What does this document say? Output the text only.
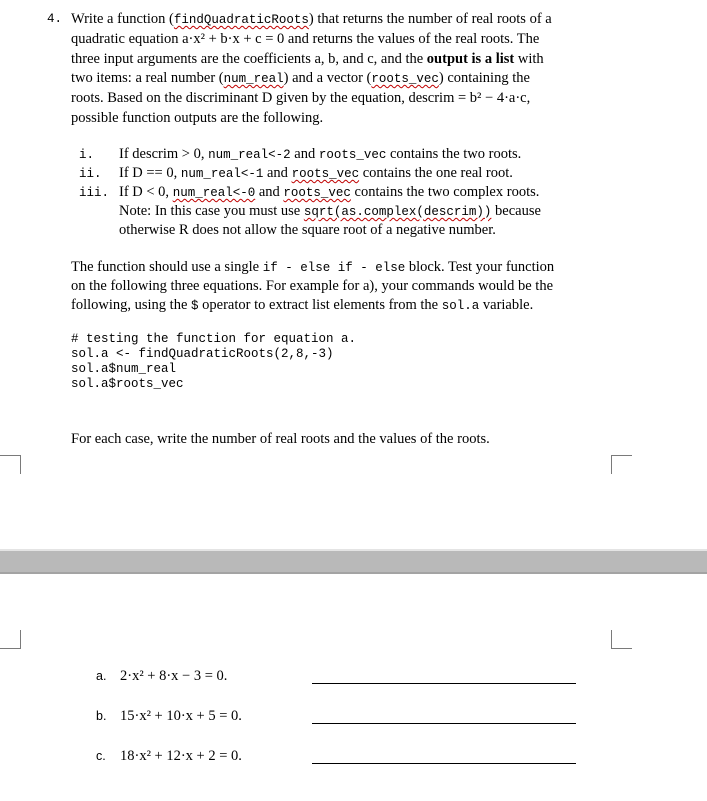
4. Write a function (findQuadraticRoots) that returns the number of real roots of a
quadratic equation a·x² + b·x + c = 0 and returns the values of the real roots. The
three input arguments are the coefficients a, b, and c, and the output is a list with
two items: a real number (num_real) and a vector (roots_vec) containing the
roots. Based on the discriminant D given by the equation, descrim = b² − 4·a·c,
possible function outputs are the following.
i. If descrim > 0, num_real<-2 and roots_vec contains the two roots.
ii. If D == 0, num_real<-1 and roots_vec contains the one real root.
iii. If D < 0, num_real<-0 and roots_vec contains the two complex roots.
Note: In this case you must use sqrt(as.complex(descrim)) because
otherwise R does not allow the square root of a negative number.
The function should use a single if - else if - else block. Test your function
on the following three equations. For example for a), your commands would be the
following, using the $ operator to extract list elements from the sol.a variable.
# testing the function for equation a.
sol.a <- findQuadraticRoots(2,8,-3)
sol.a$num_real
sol.a$roots_vec
For each case, write the number of real roots and the values of the roots.
a. 2·x² + 8·x − 3 = 0.
b. 15·x² + 10·x + 5 = 0.
c. 18·x² + 12·x + 2 = 0.
